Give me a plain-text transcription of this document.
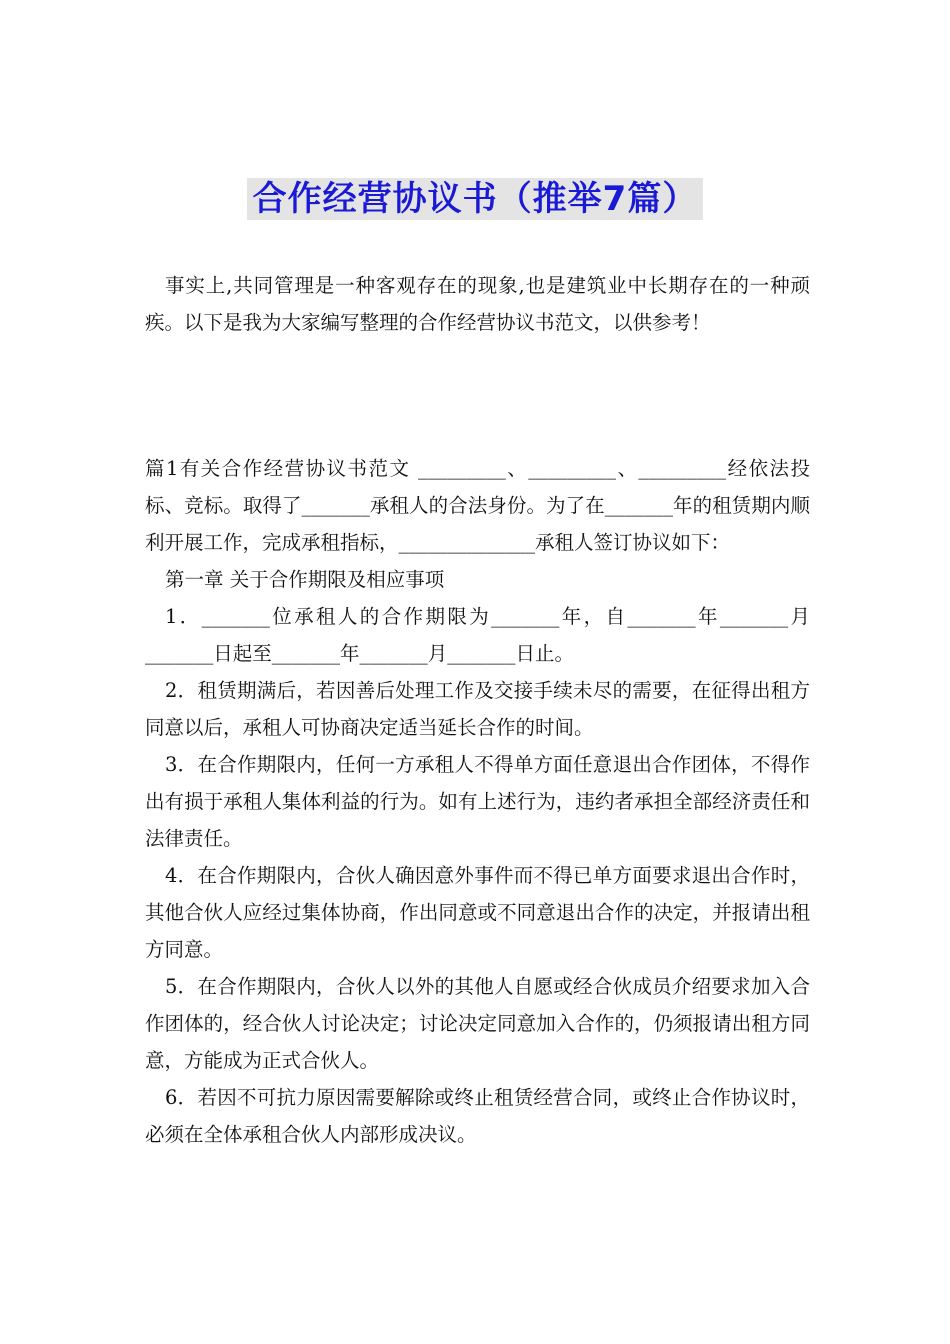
合作经营协议书（推举7篇）

事实上,共同管理是一种客观存在的现象,也是建筑业中长期存在的一种顽疾。以下是我为大家编写整理的合作经营协议书范文，以供参考！

篇1有关合作经营协议书范文 _________、_________、_________经依法投标、竞标。取得了_______承租人的合法身份。为了在_______年的租赁期内顺利开展工作，完成承租指标，______________承租人签订协议如下：

第一章 关于合作期限及相应事项

1．_______位承租人的合作期限为_______年，自_______年_______月_______日起至_______年_______月_______日止。

2．租赁期满后，若因善后处理工作及交接手续未尽的需要，在征得出租方同意以后，承租人可协商决定适当延长合作的时间。

3．在合作期限内，任何一方承租人不得单方面任意退出合作团体，不得作出有损于承租人集体利益的行为。如有上述行为，违约者承担全部经济责任和法律责任。

4．在合作期限内，合伙人确因意外事件而不得已单方面要求退出合作时，其他合伙人应经过集体协商，作出同意或不同意退出合作的决定，并报请出租方同意。

5．在合作期限内，合伙人以外的其他人自愿或经合伙成员介绍要求加入合作团体的，经合伙人讨论决定；讨论决定同意加入合作的，仍须报请出租方同意，方能成为正式合伙人。

6．若因不可抗力原因需要解除或终止租赁经营合同，或终止合作协议时，必须在全体承租合伙人内部形成决议。
